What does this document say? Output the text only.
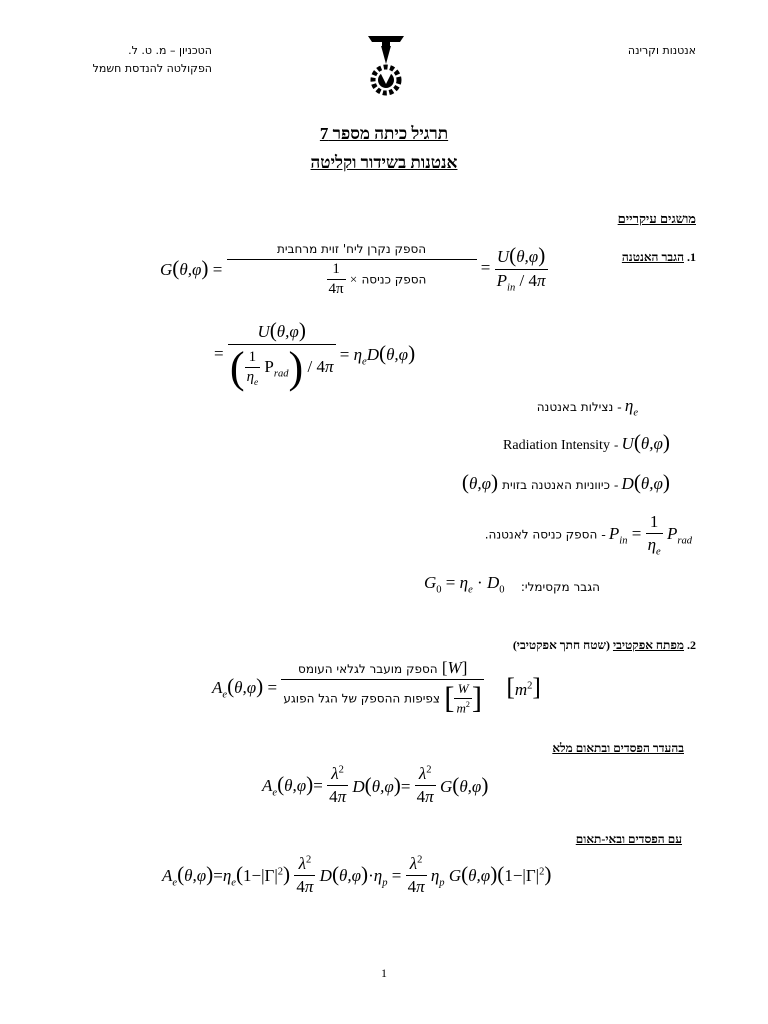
אנטנות וקרינה
הטכניון – מ. ט. ל.
הפקולטה להנדסת חשמל
תרגיל כיתה מספר 7
אנטנות בשידור וקליטה
מושגים עיקריים
1. הגבר האנטנה
$G(\theta,\varphi) = \frac{\text{הספק נקרן ליח' זוית מרחבית}}{\frac{1}{4\pi} \times הספק כניסה} = \frac{U(\theta,\varphi)}{P_{in} / 4\pi}$
= $\frac{U(\theta,\varphi)}{( \frac{1}{\eta_e} P_{rad}) / 4\pi} = \eta_eD(\theta,\varphi)$
נצילות באנטנה - $\eta_e$
Radiation Intensity - U(θ,φ)
(θ,φ) כיווניות האנטנה בזוית - D(θ,φ)
הספק כניסה לאנטנה. - $P_{in} = \frac{1}{\eta_e} P_{rad}$
הגבר מקסימלי:
$G_0 = \eta_e \cdot D_0$
2. מפתח אפקטיבי (שטח חתך אפקטיבי)
$A_e(\theta,\varphi) = \frac{\text{הספק מועבר לגלאי העומס [W]}}{צפיפות ההספק של הגל הפוגע [ \frac{W}{m^2} ]} [m^2]$
בהעדר הפסדים ובתאום מלא
$A_e(\theta,\varphi)= \frac{\lambda^2}{4\pi} D(\theta,\varphi)= \frac{\lambda^2}{4\pi} G(\theta,\varphi)$
עם הפסדים ובאי-תאום
$A_e(\theta,\varphi)=\eta_e(1-|\Gamma|^2) \frac{\lambda^2}{4\pi} D(\theta,\varphi)\cdot\eta_p = \frac{\lambda^2}{4\pi} \eta_p$ $G(\theta,\varphi)(1-|\Gamma|^2)$
1
